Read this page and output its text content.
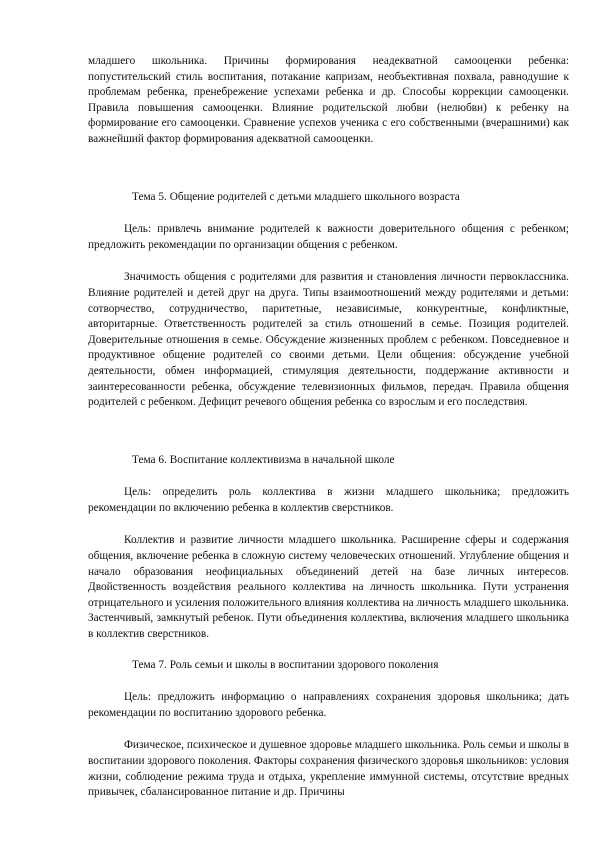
младшего школьника. Причины формирования неадекватной самооценки ребенка: попустительский стиль воспитания, потакание капризам, необъективная похвала, равнодушие к проблемам ребенка, пренебрежение успехами ребенка и др. Способы коррекции самооценки. Правила повышения самооценки. Влияние родительской любви (нелюбви) к ребенку на формирование его самооценки. Сравнение успехов ученика с его собственными (вчерашними) как важнейший фактор формирования адекватной самооценки.

Тема 5. Общение родителей с детьми младшего школьного возраста

Цель: привлечь внимание родителей к важности доверительного общения с ребенком; предложить рекомендации по организации общения с ребенком.

Значимость общения с родителями для развития и становления личности первоклассника. Влияние родителей и детей друг на друга. Типы взаимоотношений между родителями и детьми: сотворчество, сотрудничество, паритетные, независимые, конкурентные, конфликтные, авторитарные. Ответственность родителей за стиль отношений в семье. Позиция родителей. Доверительные отношения в семье. Обсуждение жизненных проблем с ребенком. Повседневное и продуктивное общение родителей со своими детьми. Цели общения: обсуждение учебной деятельности, обмен информацией, стимуляция деятельности, поддержание активности и заинтересованности ребенка, обсуждение телевизионных фильмов, передач. Правила общения родителей с ребенком. Дефицит речевого общения ребенка со взрослым и его последствия.

Тема 6. Воспитание коллективизма в начальной школе

Цель: определить роль коллектива в жизни младшего школьника; предложить рекомендации по включению ребенка в коллектив сверстников.

Коллектив и развитие личности младшего школьника. Расширение сферы и содержания общения, включение ребенка в сложную систему человеческих отношений. Углубление общения и начало образования неофициальных объединений детей на базе личных интересов. Двойственность воздействия реального коллектива на личность школьника. Пути устранения отрицательного и усиления положительного влияния коллектива на личность младшего школьника. Застенчивый, замкнутый ребенок. Пути объединения коллектива, включения младшего школьника в коллектив сверстников.

Тема 7. Роль семьи и школы в воспитании здорового поколения

Цель: предложить информацию о направлениях сохранения здоровья школьника; дать рекомендации по воспитанию здорового ребенка.

Физическое, психическое и душевное здоровье младшего школьника. Роль семьи и школы в воспитании здорового поколения. Факторы сохранения физического здоровья школьников: условия жизни, соблюдение режима труда и отдыха, укрепление иммунной системы, отсутствие вредных привычек, сбалансированное питание и др. Причины
